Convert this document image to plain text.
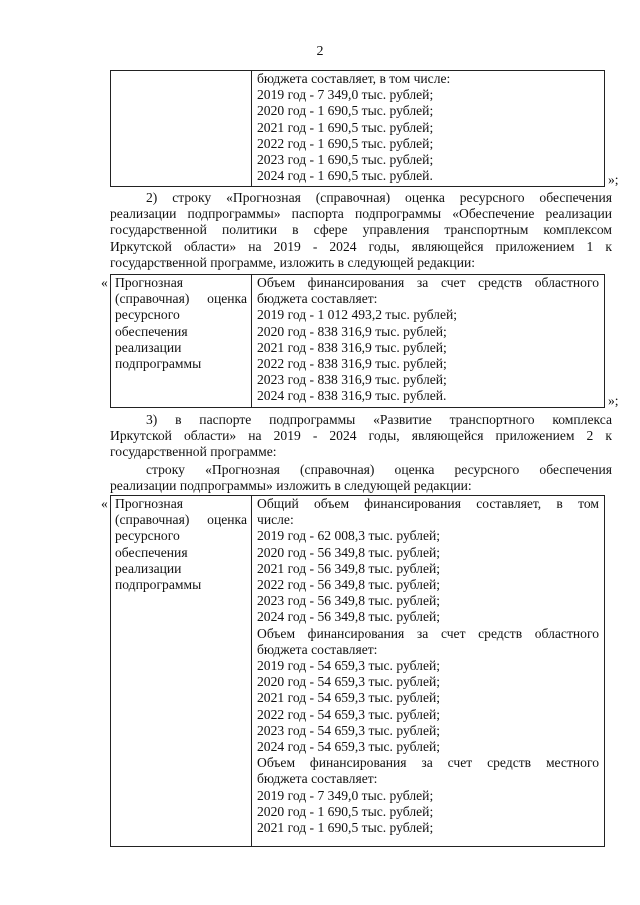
2
бюджета составляет, в том числе:
2019 год - 7 349,0 тыс. рублей;
2020 год - 1 690,5 тыс. рублей;
2021 год - 1 690,5 тыс. рублей;
2022 год - 1 690,5 тыс. рублей;
2023 год - 1 690,5 тыс. рублей;
2024 год - 1 690,5 тыс. рублей.	»;
2) строку «Прогнозная (справочная) оценка ресурсного обеспечения
реализации подпрограммы» паспорта подпрограммы «Обеспечение реализации
государственной политики в сфере управления транспортным комплексом
Иркутской области» на 2019 - 2024 годы, являющейся приложением 1 к
государственной программе, изложить в следующей редакции:
« Прогнозная
(справочная) оценка
ресурсного
обеспечения
реализации
подпрограммы
Объем финансирования за счет средств областного
бюджета составляет:
2019 год - 1 012 493,2 тыс. рублей;
2020 год - 838 316,9 тыс. рублей;
2021 год - 838 316,9 тыс. рублей;
2022 год - 838 316,9 тыс. рублей;
2023 год - 838 316,9 тыс. рублей;
2024 год - 838 316,9 тыс. рублей.	»;
3) в паспорте подпрограммы «Развитие транспортного комплекса
Иркутской области» на 2019 - 2024 годы, являющейся приложением 2 к
государственной программе:
строку «Прогнозная (справочная) оценка ресурсного обеспечения
реализации подпрограммы» изложить в следующей редакции:
« Прогнозная
(справочная) оценка
ресурсного
обеспечения
реализации
подпрограммы
Общий объем финансирования составляет, в том
числе:
2019 год - 62 008,3 тыс. рублей;
2020 год - 56 349,8 тыс. рублей;
2021 год - 56 349,8 тыс. рублей;
2022 год - 56 349,8 тыс. рублей;
2023 год - 56 349,8 тыс. рублей;
2024 год - 56 349,8 тыс. рублей;
Объем финансирования за счет средств областного
бюджета составляет:
2019 год - 54 659,3 тыс. рублей;
2020 год - 54 659,3 тыс. рублей;
2021 год - 54 659,3 тыс. рублей;
2022 год - 54 659,3 тыс. рублей;
2023 год - 54 659,3 тыс. рублей;
2024 год - 54 659,3 тыс. рублей;
Объем финансирования за счет средств местного
бюджета составляет:
2019 год - 7 349,0 тыс. рублей;
2020 год - 1 690,5 тыс. рублей;
2021 год - 1 690,5 тыс. рублей;
